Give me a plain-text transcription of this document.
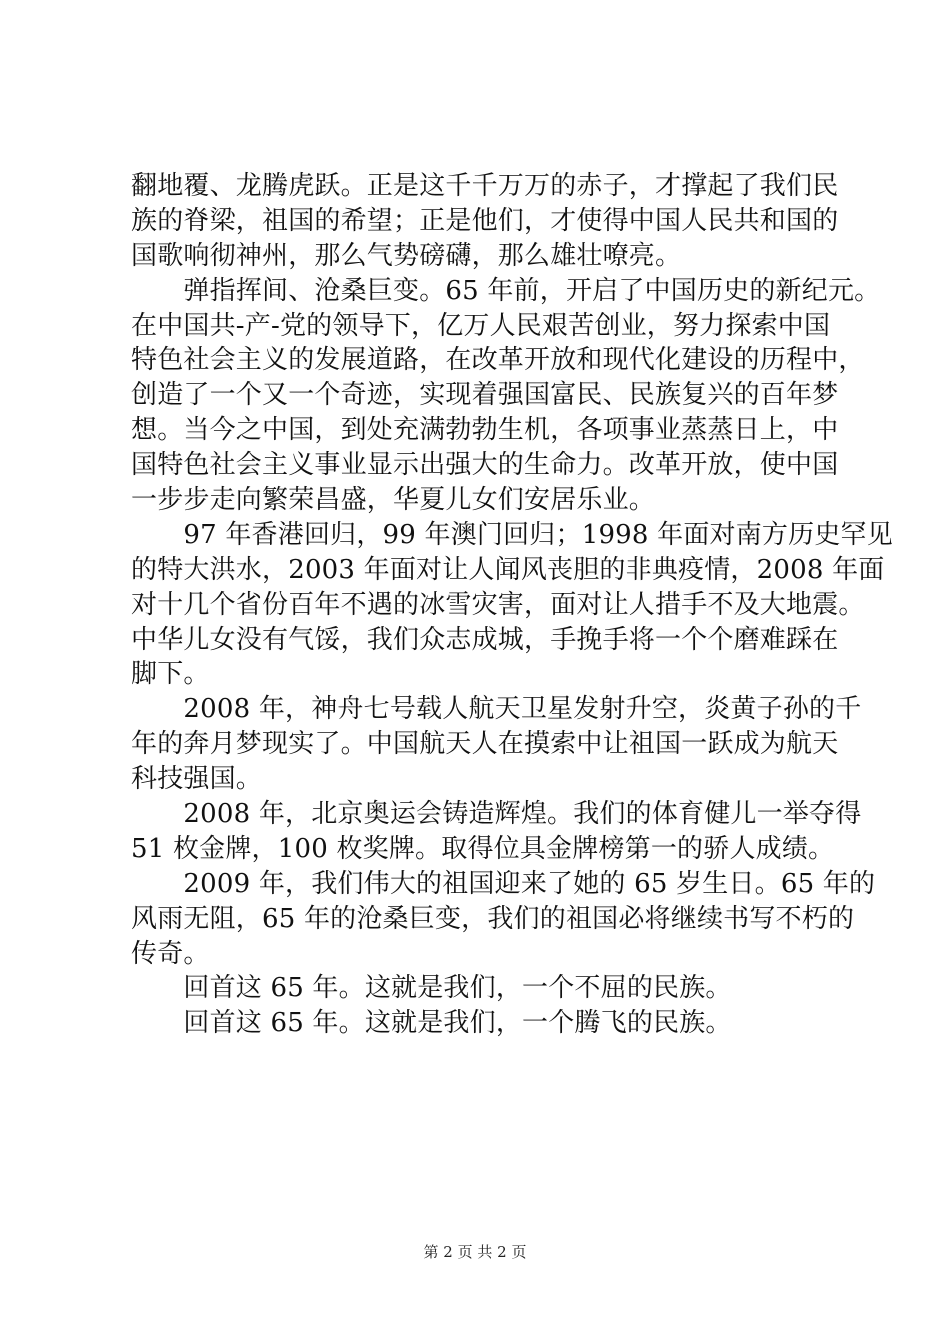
翻地覆、龙腾虎跃。正是这千千万万的赤子，才撑起了我们民
族的脊梁，祖国的希望；正是他们，才使得中国人民共和国的
国歌响彻神州，那么气势磅礴，那么雄壮嘹亮。
　　弹指挥间、沧桑巨变。65 年前，开启了中国历史的新纪元。
在中国共-产-党的领导下，亿万人民艰苦创业，努力探索中国
特色社会主义的发展道路，在改革开放和现代化建设的历程中，
创造了一个又一个奇迹，实现着强国富民、民族复兴的百年梦
想。当今之中国，到处充满勃勃生机，各项事业蒸蒸日上，中
国特色社会主义事业显示出强大的生命力。改革开放，使中国
一步步走向繁荣昌盛，华夏儿女们安居乐业。
　　97 年香港回归，99 年澳门回归；1998 年面对南方历史罕见
的特大洪水，2003 年面对让人闻风丧胆的非典疫情，2008 年面
对十几个省份百年不遇的冰雪灾害，面对让人措手不及大地震。
中华儿女没有气馁，我们众志成城，手挽手将一个个磨难踩在
脚下。
　　2008 年，神舟七号载人航天卫星发射升空，炎黄子孙的千
年的奔月梦现实了。中国航天人在摸索中让祖国一跃成为航天
科技强国。
　　2008 年，北京奥运会铸造辉煌。我们的体育健儿一举夺得
51 枚金牌，100 枚奖牌。取得位具金牌榜第一的骄人成绩。
　　2009 年，我们伟大的祖国迎来了她的 65 岁生日。65 年的
风雨无阻，65 年的沧桑巨变，我们的祖国必将继续书写不朽的
传奇。
　　回首这 65 年。这就是我们，一个不屈的民族。
　　回首这 65 年。这就是我们，一个腾飞的民族。
第 2 页 共 2 页
